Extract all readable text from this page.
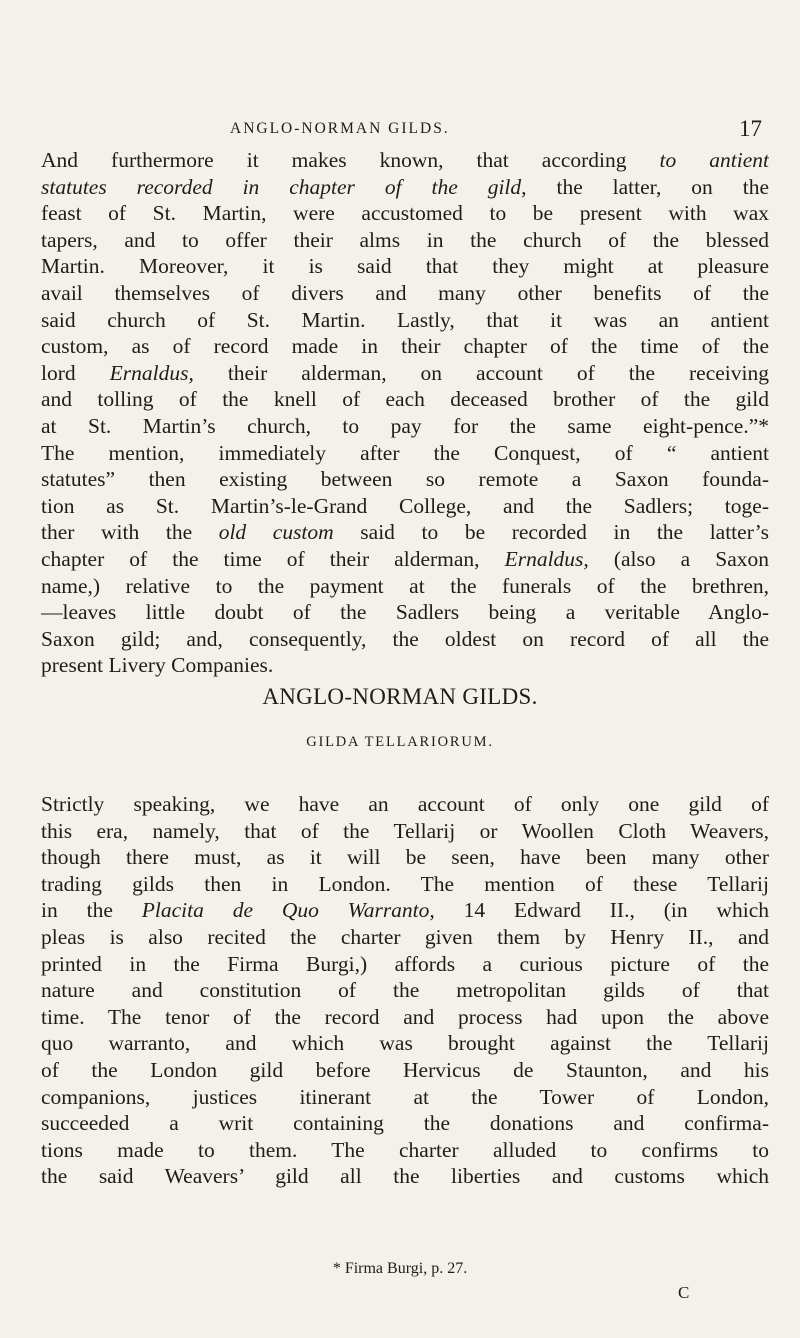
ANGLO-NORMAN GILDS.	17
And furthermore it makes known, that according to antient
statutes recorded in chapter of the gild, the latter, on the
feast of St. Martin, were accustomed to be present with wax
tapers, and to offer their alms in the church of the blessed
Martin. Moreover, it is said that they might at pleasure
avail themselves of divers and many other benefits of the
said church of St. Martin. Lastly, that it was an antient
custom, as of record made in their chapter of the time of the
lord Ernaldus, their alderman, on account of the receiving
and tolling of the knell of each deceased brother of the gild
at St. Martin’s church, to pay for the same eight-pence.”*
The mention, immediately after the Conquest, of “ antient
statutes” then existing between so remote a Saxon founda-
tion as St. Martin’s-le-Grand College, and the Sadlers; toge-
ther with the old custom said to be recorded in the latter’s
chapter of the time of their alderman, Ernaldus, (also a Saxon
name,) relative to the payment at the funerals of the brethren,
—leaves little doubt of the Sadlers being a veritable Anglo-
Saxon gild; and, consequently, the oldest on record of all the
present Livery Companies.
ANGLO-NORMAN GILDS.
GILDA TELLARIORUM.
Strictly speaking, we have an account of only one gild of
this era, namely, that of the Tellarij or Woollen Cloth Weavers,
though there must, as it will be seen, have been many other
trading gilds then in London. The mention of these Tellarij
in the Placita de Quo Warranto, 14 Edward II., (in which
pleas is also recited the charter given them by Henry II., and
printed in the Firma Burgi,) affords a curious picture of the
nature and constitution of the metropolitan gilds of that
time. The tenor of the record and process had upon the above
quo warranto, and which was brought against the Tellarij
of the London gild before Hervicus de Staunton, and his
companions, justices itinerant at the Tower of London,
succeeded a writ containing the donations and confirma-
tions made to them. The charter alluded to confirms to
the said Weavers’ gild all the liberties and customs which
* Firma Burgi, p. 27.
C
